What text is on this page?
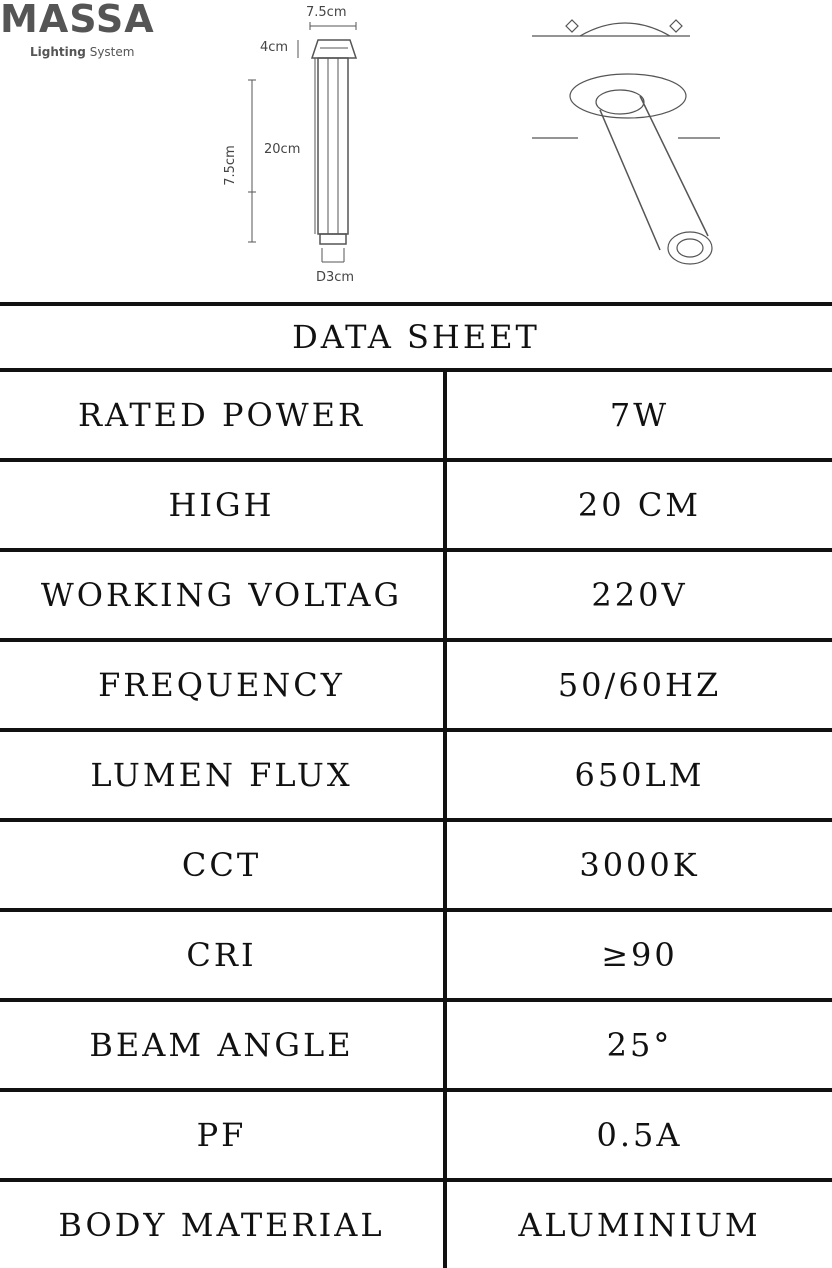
MASSA
Lighting System
7.5cm
4cm
20cm
7.5cm
D3cm
DATA SHEET
RATED POWER	7W
HIGH	20 CM
WORKING VOLTAG	220V
FREQUENCY	50/60HZ
LUMEN FLUX	650LM
CCT	3000K
CRI	≥90
BEAM ANGLE	25°
PF	0.5A
BODY MATERIAL	ALUMINIUM
